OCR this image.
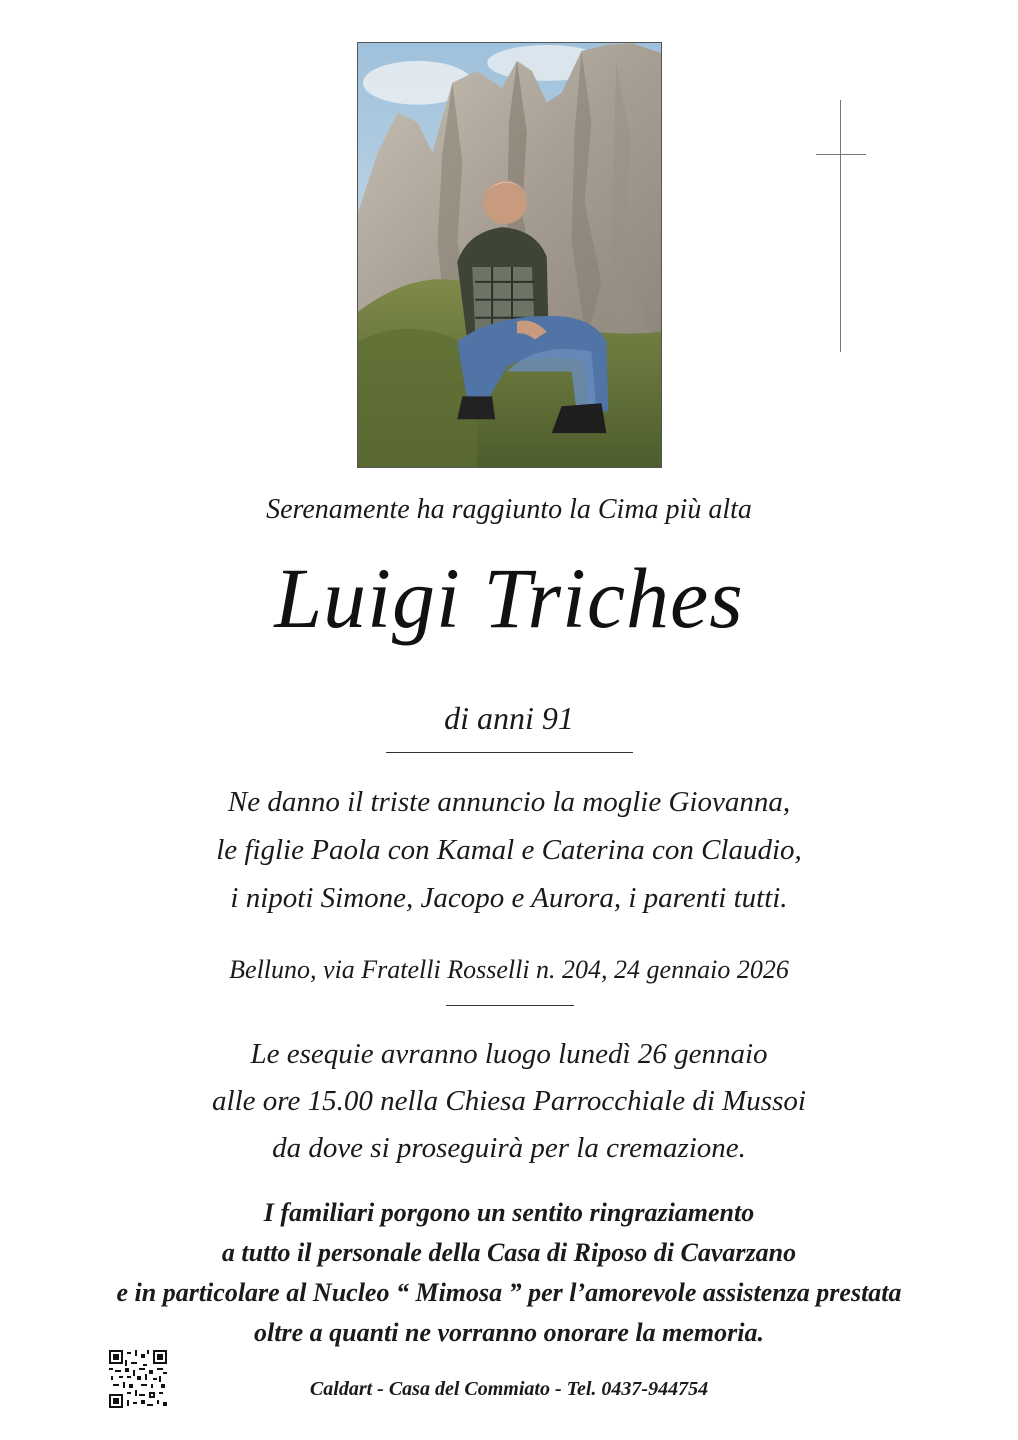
Serenamente ha raggiunto la Cima più alta
Luigi Triches
di anni 91
Ne danno il triste annuncio la moglie Giovanna,
le figlie Paola con Kamal e Caterina con Claudio,
i nipoti Simone, Jacopo e Aurora, i parenti tutti.
Belluno, via Fratelli Rosselli n. 204, 24 gennaio 2026
Le esequie avranno luogo lunedì 26 gennaio
alle ore 15.00 nella Chiesa Parrocchiale di Mussoi
da dove si proseguirà per la cremazione.
I familiari porgono un sentito ringraziamento
a tutto il personale della Casa di Riposo di Cavarzano
e in particolare al Nucleo “ Mimosa ” per l’amorevole assistenza prestata
oltre a quanti ne vorranno onorare la memoria.
Caldart - Casa del Commiato - Tel. 0437-944754
